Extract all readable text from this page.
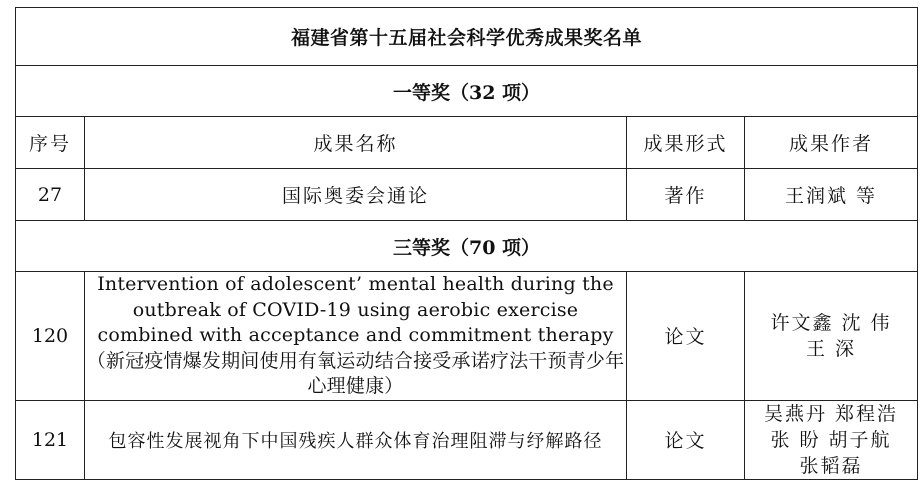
福建省第十五届社会科学优秀成果奖名单			
一等奖（32 项）			
序号	成果名称	成果形式	成果作者
27	国际奥委会通论	著作	王润斌 等
三等奖（70 项）			
120	Intervention of adolescent’ mental health during the outbreak of COVID-19 using aerobic exercise combined with acceptance and commitment therapy（新冠疫情爆发期间使用有氧运动结合接受承诺疗法干预青少年心理健康）	论文	许文鑫 沈 伟
王 深

121	包容性发展视角下中国残疾人群众体育治理阻滞与纾解路径	论文	吴燕丹 郑程浩
张 盼 胡子航
张韬磊
